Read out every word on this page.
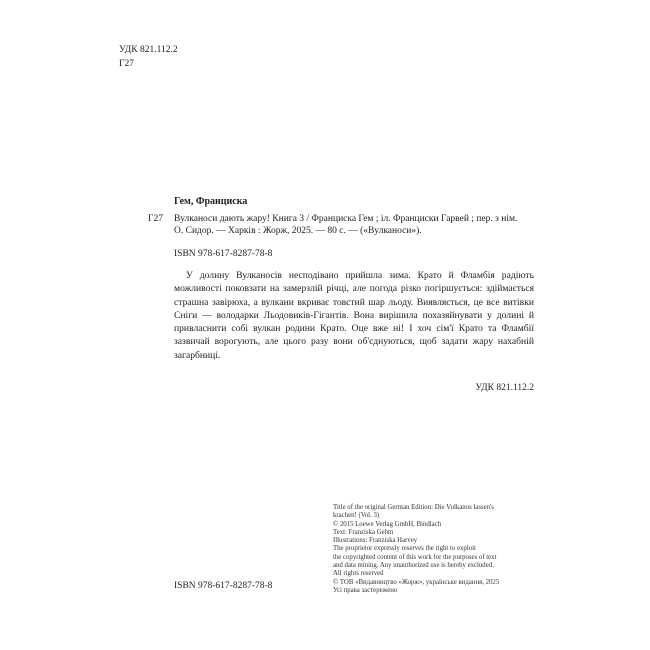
УДК 821.112.2
Г27
Гем, Франциска
Г27 Вулканоси дають жару! Книга 3 / Франциска Гем ; іл. Франциски Гарвей ; пер. з нім.
О. Сидор. — Харків : Жорж, 2025. — 80 с. — («Вулканоси»).
ISBN 978-617-8287-78-8
У долину Вулканосів несподівано прийшла зима. Крато й Фламбія радіють можливості поковзати на замерзлій річці, але погода різко погіршується: здіймається страшна завірюха, а вулкани вкриває товстий шар льоду. Виявляється, це все витівки Сніги — володарки Льодовиків-Гігантів. Вона вирішила похазяйнувати у долині й привласнити собі вулкан родини Крато. Оце вже ні! І хоч сім'ї Крато та Фламбії зазвичай ворогують, але цього разу вони об'єднуються, щоб задати жару нахабній загарбниці.
УДК 821.112.2
ISBN 978-617-8287-78-8
Title of the original German Edition: Die Vulkanos lassen's
krachen! (Vol. 3)
© 2015 Loewe Verlag GmbH, Bindlach
Text: Franziska Gehm
Illustrations: Franziska Harvey
The proprietor expressly reserves the right to exploit
the copyrighted content of this work for the purposes of text
and data mining. Any unauthorized use is hereby excluded.
All rights reserved
© ТОВ «Видавництво «Жорж», українське видання, 2025
Усі права застережено
